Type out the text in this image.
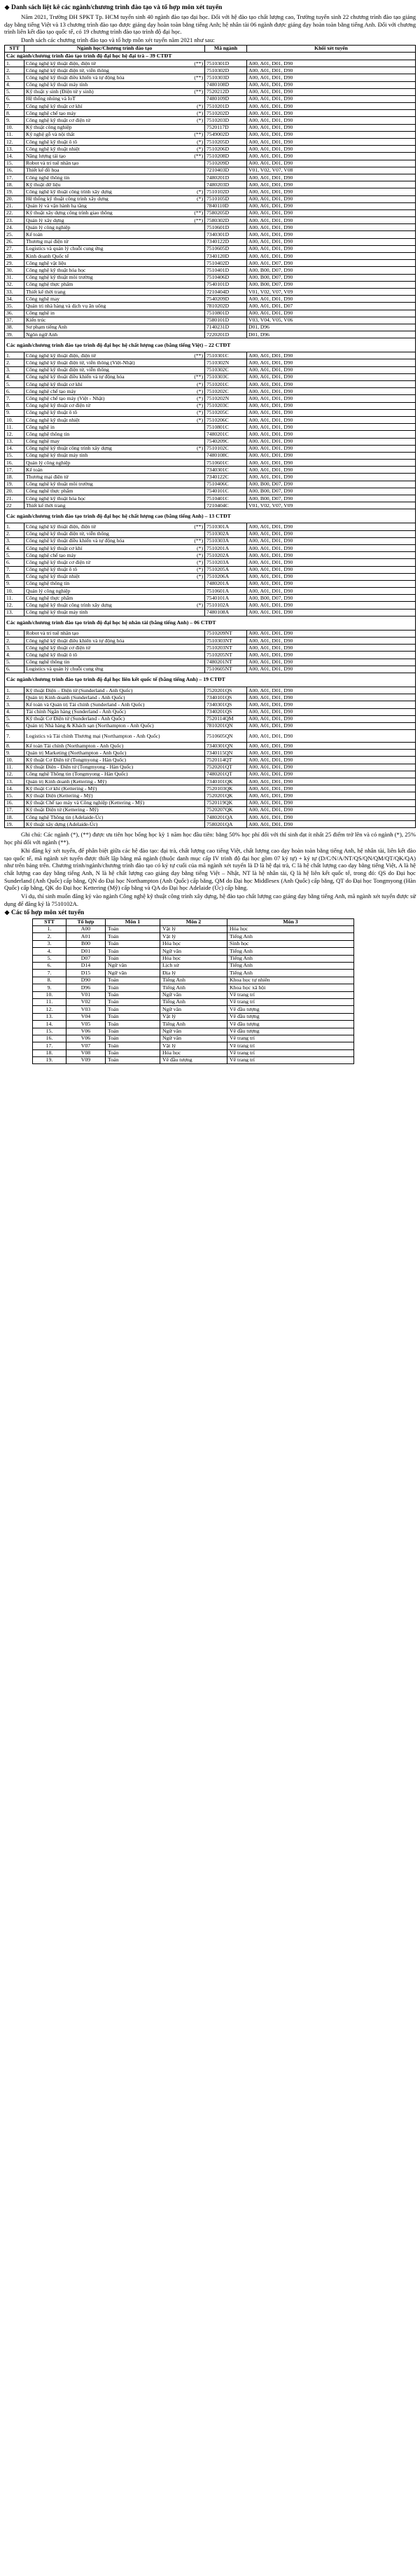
❖ Danh sách liệt kê các ngành/chương trình đào tạo và tổ hợp môn xét tuyển

Năm 2021, Trường ĐH SPKT Tp. HCM tuyển sinh 40 ngành đào tạo đại học. Đối với hệ đào tạo chất lượng cao, Trường tuyển sinh 22 chương trình đào tạo giảng dạy bằng tiếng Việt và 13 chương trình đào tạo được giảng dạy hoàn toàn bằng tiếng Anh; hệ nhân tài 06 ngành được giảng dạy hoàn toàn bằng tiếng Anh. Đối với chương trình liên kết đào tạo quốc tế, có 19 chương trình đào tạo trình độ đại học.

Danh sách các chương trình đào tạo và tổ hợp môn xét tuyển năm 2021 như sau:

STT	Ngành học/Chương trình đào tạo	Mã ngành	Khối xét tuyển
Các ngành/chương trình đào tạo trình độ đại học hệ đại trà – 39 CTĐT			
1.	Công nghệ kỹ thuật điện, điện tử (**)	7510301D	A00, A01, D01, D90
2.	Công nghệ kỹ thuật điện tử, viễn thông	7510302D	A00, A01, D01, D90
3.	Công nghệ kỹ thuật điều khiển và tự động hóa (**)	7510303D	A00, A01, D01, D90
4.	Công nghệ kỹ thuật máy tính	7480108D	A00, A01, D01, D90
5.	Kỹ thuật y sinh (Điện tử y sinh) (**)	7520212D	A00, A01, D01, D90
6.	Hệ thống nhúng và IoT	7480109D	A00, A01, D01, D90
7.	Công nghệ kỹ thuật cơ khí (*)	7510201D	A00, A01, D01, D90
8.	Công nghệ chế tạo máy (*)	7510202D	A00, A01, D01, D90
9.	Công nghệ kỹ thuật cơ điện tử (*)	7510203D	A00, A01, D01, D90
10.	Kỹ thuật công nghiệp	7520117D	A00, A01, D01, D90
11.	Kỹ nghệ gỗ và nội thất (**)	7549002D	A00, A01, D01, D90
12.	Công nghệ kỹ thuật ô tô (*)	7510205D	A00, A01, D01, D90
13.	Công nghệ kỹ thuật nhiệt (*)	7510206D	A00, A01, D01, D90
14.	Năng lượng tái tạo (**)	7510208D	A00, A01, D01, D90
15.	Robot và trí tuệ nhân tạo	7510209D	A00, A01, D01, D90
16.	Thiết kế đồ họa	7210403D	V01, V02, V07, V08
17.	Công nghệ thông tin	7480201D	A00, A01, D01, D90
18.	Kỹ thuật dữ liệu	7480203D	A00, A01, D01, D90
19.	Công nghệ kỹ thuật công trình xây dựng (*)	7510102D	A00, A01, D01, D90
20.	Hệ thống kỹ thuật công trình xây dựng (*)	7510105D	A00, A01, D01, D90
21.	Quản lý và vận hành hạ tầng	7840110D	A00, A01, D01, D90
22.	Kỹ thuật xây dựng công trình giao thông (**)	7580205D	A00, A01, D01, D90
23.	Quản lý xây dựng (**)	7580302D	A00, A01, D01, D90
24.	Quản lý công nghiệp	7510601D	A00, A01, D01, D90
25.	Kế toán	7340301D	A00, A01, D01, D90
26.	Thương mại điện tử	7340122D	A00, A01, D01, D90
27.	Logistics và quản lý chuỗi cung ứng	7510605D	A00, A01, D01, D90
28.	Kinh doanh Quốc tế	7340120D	A00, A01, D01, D90
29.	Công nghệ vật liệu	7510402D	A00, A01, D07, D90
30.	Công nghệ kỹ thuật hóa học	7510401D	A00, B00, D07, D90
31.	Công nghệ kỹ thuật môi trường	7510406D	A00, B00, D07, D90
32.	Công nghệ thực phẩm	7540101D	A00, B00, D07, D90
33.	Thiết kế thời trang	7210404D	V01, V02, V07, V09
34.	Công nghệ may	7540209D	A00, A01, D01, D90
35.	Quản trị nhà hàng và dịch vụ ăn uống	7810202D	A00, A01, D01, D07
36.	Công nghệ in	7510801D	A00, A01, D01, D90
37.	Kiến trúc	7580101D	V03, V04, V05, V06
38.	Sư phạm tiếng Anh	7140231D	D01, D96
39.	Ngôn ngữ Anh	7220201D	D01, D96
Các ngành/chương trình đào tạo trình độ đại học hệ chất lượng cao (bằng tiếng Việt) – 22 CTĐT			
1.	Công nghệ kỹ thuật điện, điện tử (**)	7510301C	A00, A01, D01, D90
2.	Công nghệ kỹ thuật điện tử, viễn thông (Việt-Nhật)	7510302N	A00, A01, D01, D90
3.	Công nghệ kỹ thuật điện tử, viễn thông	7510302C	A00, A01, D01, D90
4.	Công nghệ kỹ thuật điều khiển và tự động hóa (**)	7510303C	A00, A01, D01, D90
5.	Công nghệ kỹ thuật cơ khí (*)	7510201C	A00, A01, D01, D90
6.	Công nghệ chế tạo máy (*)	7510202C	A00, A01, D01, D90
7.	Công nghệ chế tạo máy (Việt - Nhật) (*)	7510202N	A00, A01, D01, D90
8.	Công nghệ kỹ thuật cơ điện tử (*)	7510203C	A00, A01, D01, D90
9.	Công nghệ kỹ thuật ô tô (*)	7510205C	A00, A01, D01, D90
10.	Công nghệ kỹ thuật nhiệt (*)	7510206C	A00, A01, D01, D90
11.	Công nghệ in	7510801C	A00, A01, D01, D90
12.	Công nghệ thông tin	7480201C	A00, A01, D01, D90
13.	Công nghệ may	7540209C	A00, A01, D01, D90
14.	Công nghệ kỹ thuật công trình xây dựng (*)	7510102C	A00, A01, D01, D90
15.	Công nghệ kỹ thuật máy tính	7480108C	A00, A01, D01, D90
16.	Quản lý công nghiệp	7510601C	A00, A01, D01, D90
17.	Kế toán	7340301C	A00, A01, D01, D90
18.	Thương mại điện tử	7340122C	A00, A01, D01, D90
19.	Công nghệ kỹ thuật môi trường	7510406C	A00, B00, D07, D90
20.	Công nghệ thực phẩm	7540101C	A00, B00, D07, D90
21.	Công nghệ kỹ thuật hóa học	7510401C	A00, B00, D07, D90
22	Thiết kế thời trang	7210404C	V01, V02, V07, V09
Các ngành/chương trình đào tạo trình độ đại học hệ chất lượng cao (bằng tiếng Anh) – 13 CTĐT			
1.	Công nghệ kỹ thuật điện, điện tử (**)	7510301A	A00, A01, D01, D90
2.	Công nghệ kỹ thuật điện tử, viễn thông	7510302A	A00, A01, D01, D90
3.	Công nghệ kỹ thuật điều khiển và tự động hóa (**)	7510303A	A00, A01, D01, D90
4.	Công nghệ kỹ thuật cơ khí (*)	7510201A	A00, A01, D01, D90
5.	Công nghệ chế tạo máy (*)	7510202A	A00, A01, D01, D90
6.	Công nghệ kỹ thuật cơ điện tử (*)	7510203A	A00, A01, D01, D90
7.	Công nghệ kỹ thuật ô tô (*)	7510205A	A00, A01, D01, D90
8.	Công nghệ kỹ thuật nhiệt (*)	7510206A	A00, A01, D01, D90
9.	Công nghệ thông tin	7480201A	A00, A01, D01, D90
10.	Quản lý công nghiệp	7510601A	A00, A01, D01, D90
11.	Công nghệ thực phẩm	7540101A	A00, B00, D07, D90
12.	Công nghệ kỹ thuật công trình xây dựng (*)	7510102A	A00, A01, D01, D90
13.	Công nghệ kỹ thuật máy tính	7480108A	A00, A01, D01, D90
Các ngành/chương trình đào tạo trình độ đại học hệ nhân tài (bằng tiếng Anh) – 06 CTĐT			
1.	Robot và trí tuệ nhân tạo	7510209NT	A00, A01, D01, D90
2.	Công nghệ kỹ thuật điều khiển và tự động hóa	7510303NT	A00, A01, D01, D90
3.	Công nghệ kỹ thuật cơ điện tử	7510203NT	A00, A01, D01, D90
4.	Công nghệ kỹ thuật ô tô	7510205NT	A00, A01, D01, D90
5.	Công nghệ thông tin	7480201NT	A00, A01, D01, D90
6.	Logistics và quản lý chuỗi cung ứng	7510605NT	A00, A01, D01, D90
Các ngành/chương trình đào tạo trình độ đại học liên kết quốc tế (bằng tiếng Anh) – 19 CTĐT			
1.	Kỹ thuật Điện – Điện tử (Sunderland - Anh Quốc)	7520201QS	A00, A01, D01, D90
2.	Quản trị Kinh doanh (Sunderland - Anh Quốc)	7340101QS	A00, A01, D01, D90
3.	Kế toán và Quản trị Tài chính (Sunderland - Anh Quốc)	7340301QS	A00, A01, D01, D90
4.	Tài chính Ngân hàng (Sunderland - Anh Quốc)	7340201QS	A00, A01, D01, D90
5.	Kỹ thuật Cơ Điện tử (Sunderland - Anh Quốc)	7520114QM	A00, A01, D01, D90
6.	Quản trị Nhà hàng & Khách sạn (Northampton - Anh Quốc)	7810201QN	A00, A01, D01, D90
7.	Logistics và Tài chính Thương mại (Northampton - Anh Quốc)	7510605QN	A00, A01, D01, D90
8.	Kế toán Tài chính (Northampton - Anh Quốc)	7340301QN	A00, A01, D01, D90
9.	Quản trị Marketing (Northampton - Anh Quốc)	7340115QN	A00, A01, D01, D90
10.	Kỹ thuật Cơ Điện tử (Tongmyong - Hàn Quốc)	7520114QT	A00, A01, D01, D90
11.	Kỹ thuật Điện - Điện tử (Tongmyong - Hàn Quốc)	7520201QT	A00, A01, D01, D90
12.	Công nghệ Thông tin (Tongmyong - Hàn Quốc)	7480201QT	A00, A01, D01, D90
13.	Quản trị Kinh doanh (Kettering - Mỹ)	7340101QK	A00, A01, D01, D90
14.	Kỹ thuật Cơ khí (Kettering - Mỹ)	7520103QK	A00, A01, D01, D90
15.	Kỹ thuật Điện (Kettering - Mỹ)	7520201QK	A00, A01, D01, D90
16.	Kỹ thuật Chế tạo máy và Công nghiệp (Kettering - Mỹ)	7520119QK	A00, A01, D01, D90
17.	Kỹ thuật Điện tử (Kettering - Mỹ)	7520207QK	A00, A01, D01, D90
18.	Công nghệ Thông tin (Adelaide-Úc)	7480201QA	A00, A01, D01, D90
19.	Kỹ thuật xây dựng (Adelaide-Úc)	7580201QA	A00, A01, D01, D90

Ghi chú: Các ngành (*), (**) được ưu tiên học bổng học kỳ 1 năm học đầu tiên: bằng 50% học phí đối với thí sinh đạt ít nhất 25 điểm trở lên và có ngành (*), 25% học phí đối với ngành (**).

Khi đăng ký xét tuyển, để phân biệt giữa các hệ đào tạo: đại trà, chất lượng cao tiếng Việt, chất lượng cao dạy hoàn toàn bằng tiếng Anh, hệ nhân tài, liên kết đào tạo quốc tế, mã ngành xét tuyển được thiết lập bằng mã ngành (thuộc danh mục cấp IV trình độ đại học gồm 07 ký tự) + ký tự (D/C/N/A/NT/QS/QN/QM/QT/QK/QA) như trên bảng trên. Chương trình/ngành/chương trình đào tạo có ký tự cuối của mã ngành xét tuyển là D là hệ đại trà, C là hệ chất lượng cao dạy bằng tiếng Việt, A là hệ chất lượng cao dạy bằng tiếng Anh, N là hệ chất lượng cao giảng dạy bằng tiếng Việt – Nhật, NT là hệ nhân tài, Q là hệ liên kết quốc tế, trong đó: QS do Đại học Sunderland (Anh Quốc) cấp bằng, QN do Đại học Northampton (Anh Quốc) cấp bằng, QM do Đại học Middlesex (Anh Quốc) cấp bằng, QT do Đại học Tongmyong (Hàn Quốc) cấp bằng, QK do Đại học Kettering (Mỹ) cấp bằng và QA do Đại học Adelaide (Úc) cấp bằng.

Ví dụ, thí sinh muốn đăng ký vào ngành Công nghệ kỹ thuật công trình xây dựng, hệ đào tạo chất lượng cao giảng dạy bằng tiếng Anh, mã ngành xét tuyển được sử dụng để đăng ký là 7510102A.

❖ Các tổ hợp môn xét tuyển
STT	Tổ hợp	Môn 1	Môn 2	Môn 3
1.	A00	Toán	Vật lý	Hóa học
2.	A01	Toán	Vật lý	Tiếng Anh
3.	B00	Toán	Hóa học	Sinh học
4.	D01	Toán	Ngữ văn	Tiếng Anh
5.	D07	Toán	Hóa học	Tiếng Anh
6.	D14	Ngữ văn	Lịch sử	Tiếng Anh
7.	D15	Ngữ văn	Địa lý	Tiếng Anh
8.	D90	Toán	Tiếng Anh	Khoa học tự nhiên
9.	D96	Toán	Tiếng Anh	Khoa học xã hội
10.	V01	Toán	Ngữ văn	Vẽ trang trí
11.	V02	Toán	Tiếng Anh	Vẽ trang trí
12.	V03	Toán	Ngữ văn	Vẽ đầu tượng
13.	V04	Toán	Vật lý	Vẽ đầu tượng
14.	V05	Toán	Tiếng Anh	Vẽ đầu tượng
15.	V06	Toán	Ngữ văn	Vẽ đầu tượng
16.	V06	Toán	Ngữ văn	Vẽ trang trí
17.	V07	Toán	Vật lý	Vẽ trang trí
18.	V08	Toán	Hóa học	Vẽ trang trí
19.	V09	Toán	Vẽ đầu tượng	Vẽ trang trí
